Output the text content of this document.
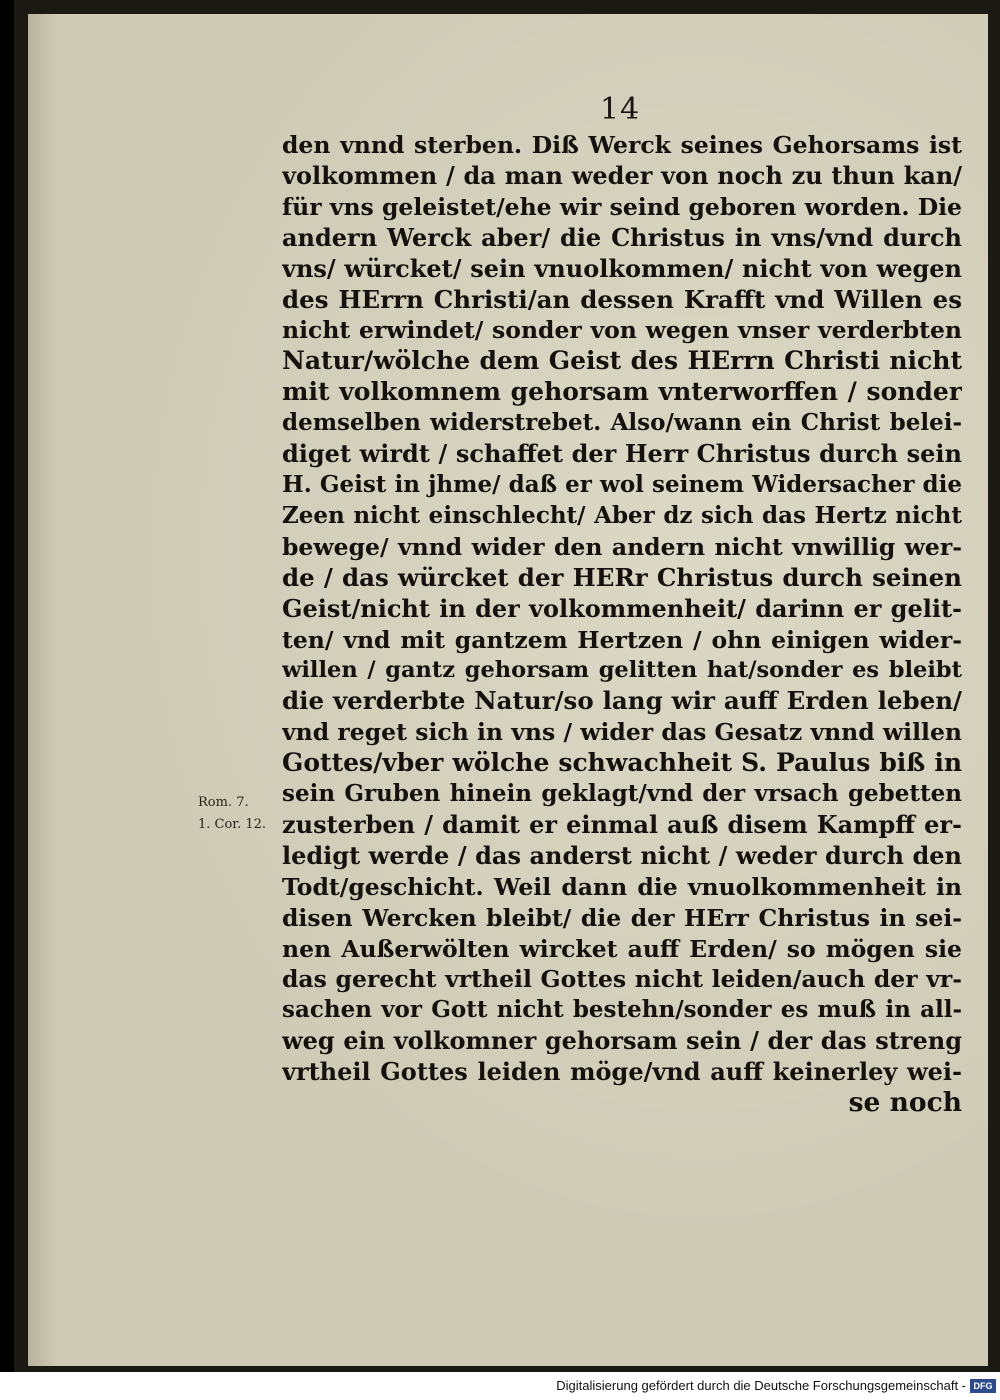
14
Rom. 7.
1. Cor. 12.
den vnnd sterben. Diß Werck seines Gehorsams ist
volkommen / da man weder von noch zu thun kan/
für vns geleistet/ehe wir seind geboren worden. Die
andern Werck aber/ die Christus in vns/vnd durch
vns/ würcket/ sein vnuolkommen/ nicht von wegen
des HErrn Christi/an dessen Krafft vnd Willen es
nicht erwindet/ sonder von wegen vnser verderbten
Natur/wölche dem Geist des HErrn Christi nicht
mit volkomnem gehorsam vnterworffen / sonder
demselben widerstrebet. Also/wann ein Christ belei-
diget wirdt / schaffet der Herr Christus durch sein
H. Geist in jhme/ daß er wol seinem Widersacher die
Zeen nicht einschlecht/ Aber dz sich das Hertz nicht
bewege/ vnnd wider den andern nicht vnwillig wer-
de / das würcket der HERr Christus durch seinen
Geist/nicht in der volkommenheit/ darinn er gelit-
ten/ vnd mit gantzem Hertzen / ohn einigen wider-
willen / gantz gehorsam gelitten hat/sonder es bleibt
die verderbte Natur/so lang wir auff Erden leben/
vnd reget sich in vns / wider das Gesatz vnnd willen
Gottes/vber wölche schwachheit S. Paulus biß in
sein Gruben hinein geklagt/vnd der vrsach gebetten
zusterben / damit er einmal auß disem Kampff er-
ledigt werde / das anderst nicht / weder durch den
Todt/geschicht. Weil dann die vnuolkommenheit in
disen Wercken bleibt/ die der HErr Christus in sei-
nen Außerwölten wircket auff Erden/ so mögen sie
das gerecht vrtheil Gottes nicht leiden/auch der vr-
sachen vor Gott nicht bestehn/sonder es muß in all-
weg ein volkomner gehorsam sein / der das streng
vrtheil Gottes leiden möge/vnd auff keinerley wei-
se noch
Digitalisierung gefördert durch die Deutsche Forschungsgemeinschaft - DFG
